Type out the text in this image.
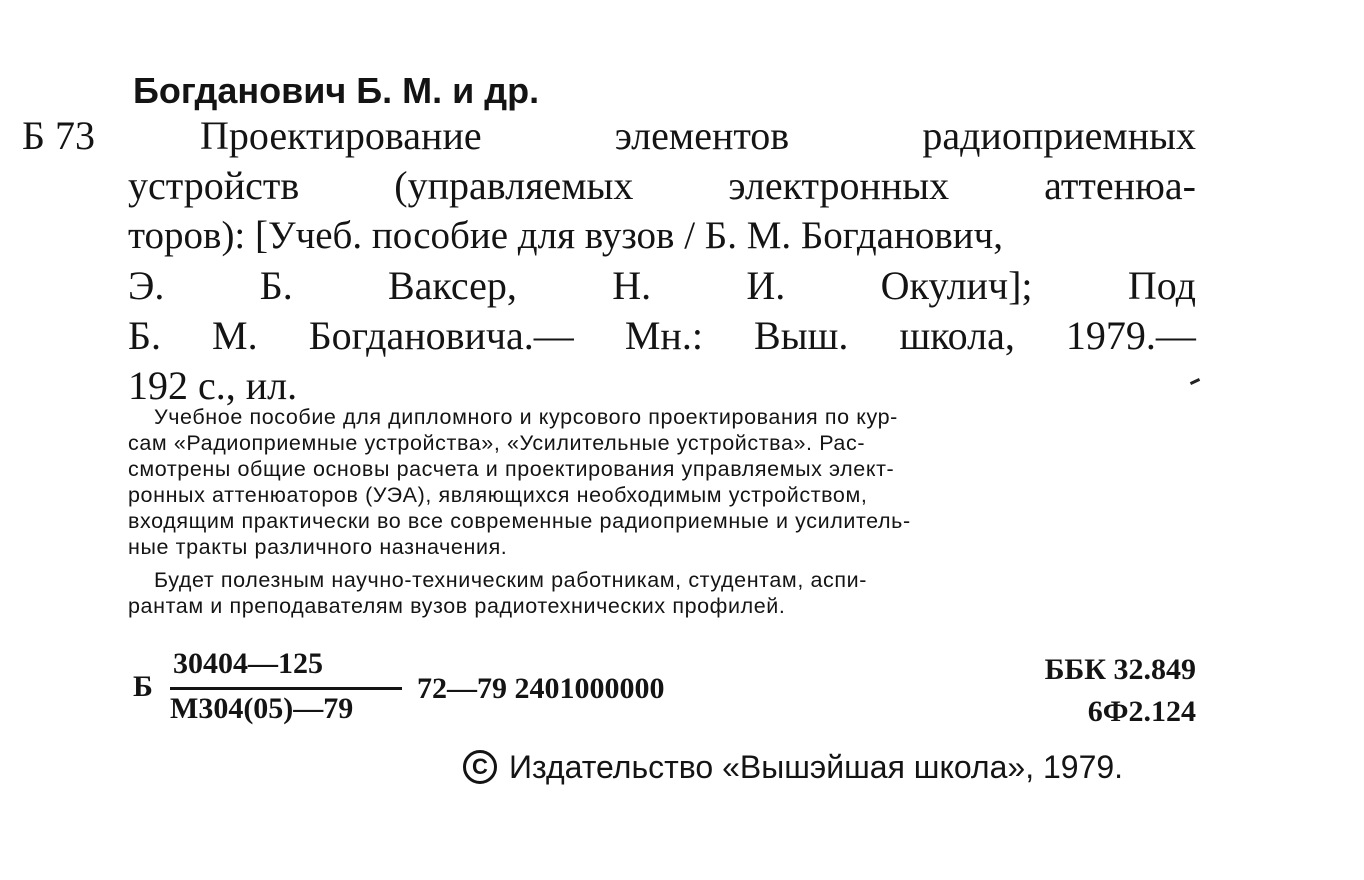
Богданович Б. М. и др.
Б 73	Проектирование	элементов	радиоприемных
устройств (управляемых электронных аттенюа-
торов): [Учеб. пособие для вузов / Б. М. Богданович,
Э. Б. Ваксер, Н. И. Окулич]; Под
Б. М. Богдановича.— Мн.: Выш. школа, 1979.—
192 с., ил.
Учебное пособие для дипломного и курсового проектирования по кур-
сам «Радиоприемные устройства», «Усилительные устройства». Рас-
смотрены общие основы расчета и проектирования управляемых элект-
ронных аттенюаторов (УЭА), являющихся необходимым устройством,
входящим практически во все современные радиоприемные и усилитель-
ные тракты различного назначения.
Будет полезным научно-техническим работникам, студентам, аспи-
рантам и преподавателям вузов радиотехнических профилей.
Б
30404—125
М304(05)—79
72—79 2401000000
ББК 32.849
6Ф2.124
C Издательство «Вышэйшая школа», 1979.
